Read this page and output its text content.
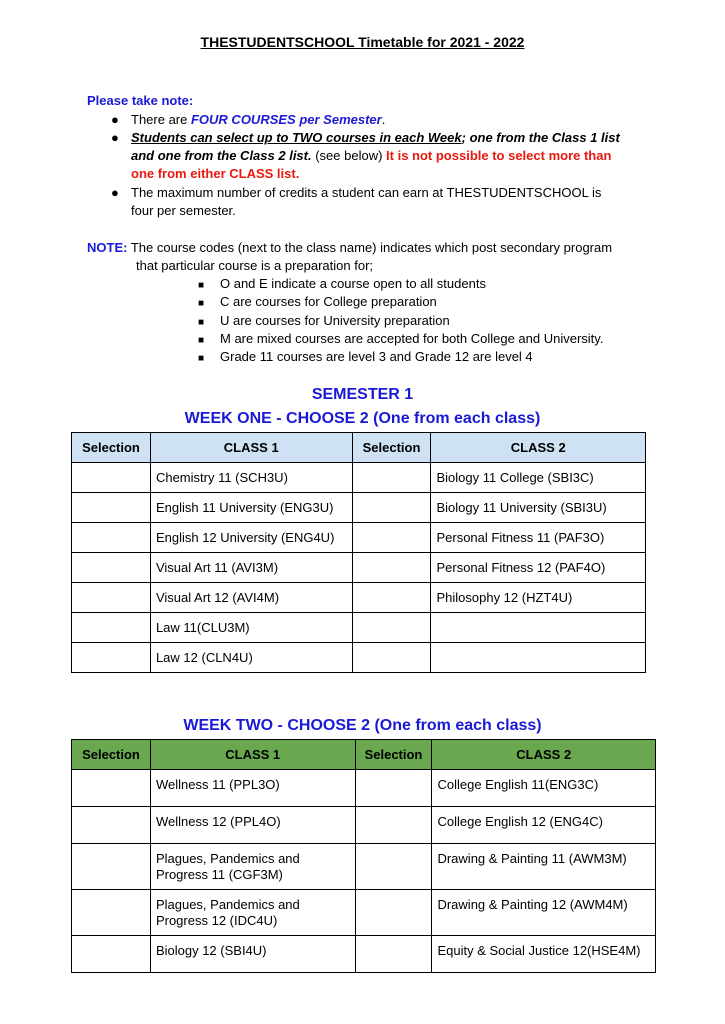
THESTUDENTSCHOOL Timetable for 2021 - 2022
Please take note:
● There are FOUR COURSES per Semester.
● Students can select up to TWO courses in each Week; one from the Class 1 list
and one from the Class 2 list. (see below) It is not possible to select more than
one from either CLASS list.
● The maximum number of credits a student can earn at THESTUDENTSCHOOL is
four per semester.
NOTE: The course codes (next to the class name) indicates which post secondary program
that particular course is a preparation for;
■ O and E indicate a course open to all students
■ C are courses for College preparation
■ U are courses for University preparation
■ M are mixed courses are accepted for both College and University.
■ Grade 11 courses are level 3 and Grade 12 are level 4
SEMESTER 1
WEEK ONE - CHOOSE 2 (One from each class)
Selection	CLASS 1	Selection	CLASS 2
	Chemistry 11 (SCH3U)		Biology 11 College (SBI3C)
	English 11 University (ENG3U)		Biology 11 University (SBI3U)
	English 12 University (ENG4U)		Personal Fitness 11 (PAF3O)
	Visual Art 11 (AVI3M)		Personal Fitness 12 (PAF4O)
	Visual Art 12 (AVI4M)		Philosophy 12 (HZT4U)
	Law 11(CLU3M)		
	Law 12 (CLN4U)		
WEEK TWO - CHOOSE 2 (One from each class)
Selection	CLASS 1	Selection	CLASS 2

	Wellness 11 (PPL3O)		College English 11(ENG3C)

	Wellness 12 (PPL4O)		College English 12 (ENG4C)

	Plagues, Pandemics and
Progress 11 (CGF3M)		Drawing & Painting 11 (AWM3M)

	Plagues, Pandemics and
Progress 12 (IDC4U)		Drawing & Painting 12 (AWM4M)

	Biology 12 (SBI4U)		Equity & Social Justice 12(HSE4M)
